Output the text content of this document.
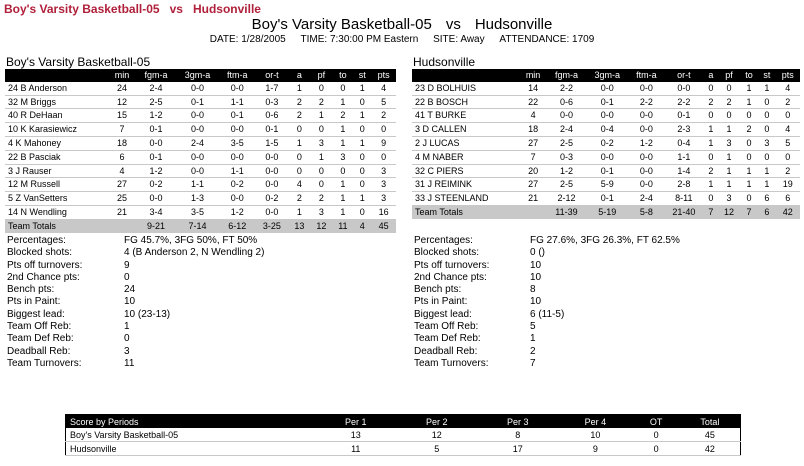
Boy's Varsity Basketball-05 vs Hudsonville
Boy's Varsity Basketball-05 vs Hudsonville
DATE: 1/28/2005 TIME: 7:30:00 PM Eastern SITE: Away ATTENDANCE: 1709
Boy's Varsity Basketball-05
	min	fgm-a	3gm-a	ftm-a	or-t	a	pf	to	st	pts
24 B Anderson	24	2-4	0-0	0-0	1-7	1	0	0	1	4
32 M Briggs	12	2-5	0-1	1-1	0-3	2	2	1	0	5
40 R DeHaan	15	1-2	0-0	0-1	0-6	2	1	2	1	2
10 K Karasiewicz	7	0-1	0-0	0-0	0-1	0	0	1	0	0
4 K Mahoney	18	0-0	2-4	3-5	1-5	1	3	1	1	9
22 B Pasciak	6	0-1	0-0	0-0	0-0	0	1	3	0	0
3 J Rauser	4	1-2	0-0	1-1	0-0	0	0	0	0	3
12 M Russell	27	0-2	1-1	0-2	0-0	4	0	1	0	3
5 Z VanSetters	25	0-0	1-3	0-0	0-2	2	2	1	1	3
14 N Wendling	21	3-4	3-5	1-2	0-0	1	3	1	0	16
Team Totals		9-21	7-14	6-12	3-25	13	12	11	4	45
Hudsonville
	min	fgm-a	3gm-a	ftm-a	or-t	a	pf	to	st	pts
23 D BOLHUIS	14	2-2	0-0	0-0	0-0	0	0	1	1	4
22 B BOSCH	22	0-6	0-1	2-2	2-2	2	2	1	0	2
41 T BURKE	4	0-0	0-0	0-0	0-1	0	0	0	0	0
3 D CALLEN	18	2-4	0-4	0-0	2-3	1	1	2	0	4
2 J LUCAS	27	2-5	0-2	1-2	0-4	1	3	0	3	5
4 M NABER	7	0-3	0-0	0-0	1-1	0	1	0	0	0
32 C PIERS	20	1-2	0-1	0-0	1-4	2	1	1	1	2
31 J REIMINK	27	2-5	5-9	0-0	2-8	1	1	1	1	19
33 J STEENLAND	21	2-12	0-1	2-4	8-11	0	3	0	6	6
Team Totals		11-39	5-19	5-8	21-40	7	12	7	6	42
Percentages:	FG 45.7%, 3FG 50%, FT 50%
Blocked shots:	4 (B Anderson 2, N Wendling 2)
Pts off turnovers:	9
2nd Chance pts:	0
Bench pts:	24
Pts in Paint:	10
Biggest lead:	10 (23-13)
Team Off Reb:	1
Team Def Reb:	0
Deadball Reb:	3
Team Turnovers:	11
Percentages:	FG 27.6%, 3FG 26.3%, FT 62.5%
Blocked shots:	0 ()
Pts off turnovers:	10
2nd Chance pts:	10
Bench pts:	8
Pts in Paint:	10
Biggest lead:	6 (11-5)
Team Off Reb:	5
Team Def Reb:	1
Deadball Reb:	2
Team Turnovers:	7
Score by Periods	Per 1	Per 2	Per 3	Per 4	OT	Total
Boy's Varsity Basketball-05	13	12	8	10	0	45
Hudsonville	11	5	17	9	0	42
